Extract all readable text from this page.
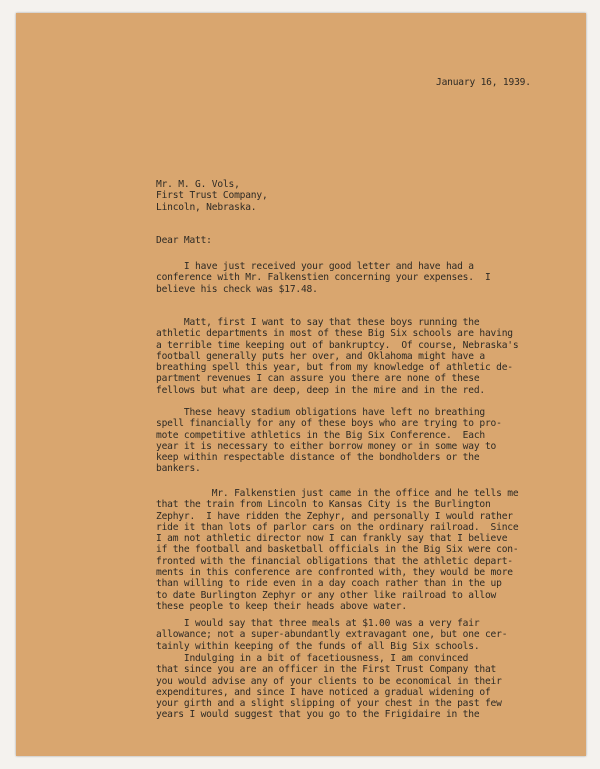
January 16, 1939.
Mr. M. G. Vols,
First Trust Company,
Lincoln, Nebraska.
Dear Matt:
I have just received your good letter and have had a
conference with Mr. Falkenstien concerning your expenses.  I
believe his check was $17.48.
Matt, first I want to say that these boys running the
athletic departments in most of these Big Six schools are having
a terrible time keeping out of bankruptcy.  Of course, Nebraska's
football generally puts her over, and Oklahoma might have a
breathing spell this year, but from my knowledge of athletic de-
partment revenues I can assure you there are none of these
fellows but what are deep, deep in the mire and in the red.
These heavy stadium obligations have left no breathing
spell financially for any of these boys who are trying to pro-
mote competitive athletics in the Big Six Conference.  Each
year it is necessary to either borrow money or in some way to
keep within respectable distance of the bondholders or the
bankers.
Mr. Falkenstien just came in the office and he tells me
that the train from Lincoln to Kansas City is the Burlington
Zephyr.  I have ridden the Zephyr, and personally I would rather
ride it than lots of parlor cars on the ordinary railroad.  Since
I am not athletic director now I can frankly say that I believe
if the football and basketball officials in the Big Six were con-
fronted with the financial obligations that the athletic depart-
ments in this conference are confronted with, they would be more
than willing to ride even in a day coach rather than in the up
to date Burlington Zephyr or any other like railroad to allow
these people to keep their heads above water.
I would say that three meals at $1.00 was a very fair
allowance; not a super-abundantly extravagant one, but one cer-
tainly within keeping of the funds of all Big Six schools.
Indulging in a bit of facetiousness, I am convinced
that since you are an officer in the First Trust Company that
you would advise any of your clients to be economical in their
expenditures, and since I have noticed a gradual widening of
your girth and a slight slipping of your chest in the past few
years I would suggest that you go to the Frigidaire in the
